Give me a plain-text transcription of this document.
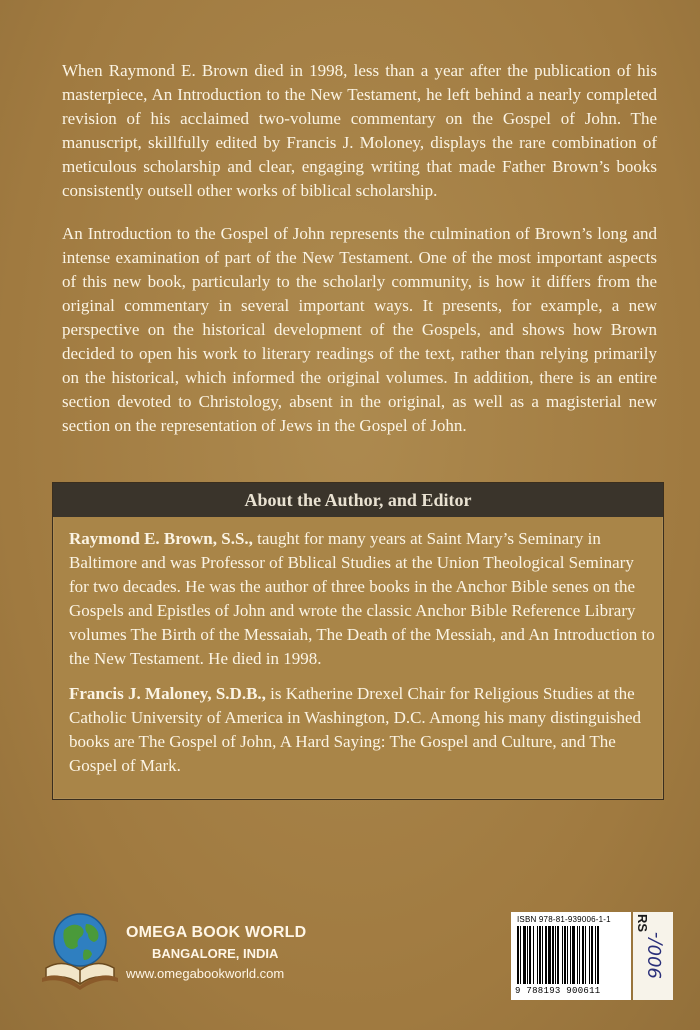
When Raymond E. Brown died in 1998, less than a year after the publication of his masterpiece, An Introduction to the New Testament, he left behind a nearly completed revision of his acclaimed two-volume commentary on the Gospel of John. The manuscript, skillfully edited by Francis J. Moloney, displays the rare combination of meticulous scholarship and clear, engaging writing that made Father Brown’s books consistently outsell other works of biblical scholarship.

An Introduction to the Gospel of John represents the culmination of Brown’s long and intense examination of part of the New Testament. One of the most important aspects of this new book, particularly to the scholarly community, is how it differs from the original commentary in several important ways. It presents, for example, a new perspective on the historical development of the Gospels, and shows how Brown decided to open his work to literary readings of the text, rather than relying primarily on the historical, which informed the original volumes. In addition, there is an entire section devoted to Christology, absent in the original, as well as a magisterial new section on the representation of Jews in the Gospel of John.

About the Author, and Editor

Raymond E. Brown, S.S., taught for many years at Saint Mary’s Seminary in Baltimore and was Professor of Bblical Studies at the Union Theological Seminary for two decades. He was the author of three books in the Anchor Bible senes on the Gospels and Epistles of John and wrote the classic Anchor Bible Reference Library volumes The Birth of the Messaiah, The Death of the Messiah, and An Introduction to the New Testament. He died in 1998.

Francis J. Maloney, S.D.B., is Katherine Drexel Chair for Religious Studies at the Catholic University of America in Washington, D.C. Among his many distinguished books are The Gospel of John, A Hard Saying: The Gospel and Culture, and The Gospel of Mark.

OMEGA BOOK WORLD
BANGALORE, INDIA
www.omegabookworld.com
ISBN 978-81-939006-1-1
9 788193 900611
RS
900/-
